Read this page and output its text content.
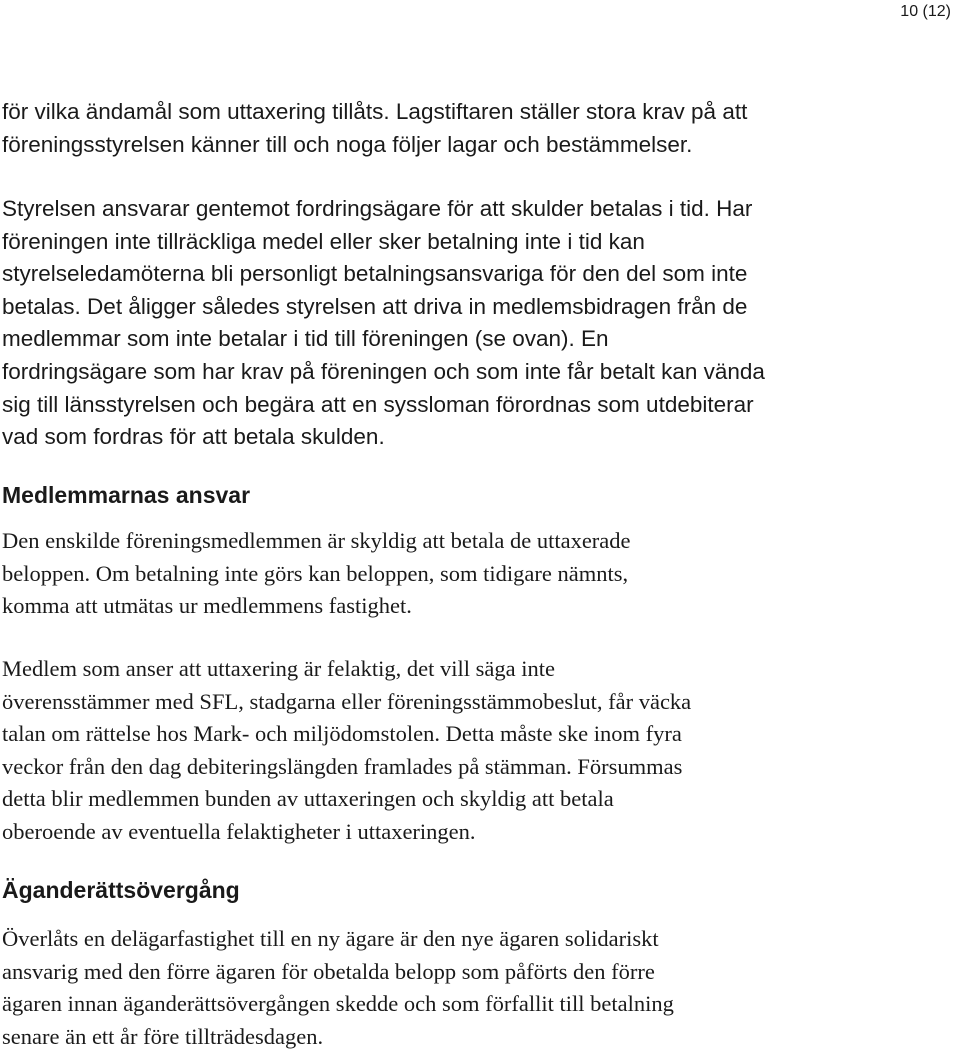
10 (12)
för vilka ändamål som uttaxering tillåts. Lagstiftaren ställer stora krav på att
föreningsstyrelsen känner till och noga följer lagar och bestämmelser.
Styrelsen ansvarar gentemot fordringsägare för att skulder betalas i tid. Har
föreningen inte tillräckliga medel eller sker betalning inte i tid kan
styrelseledamöterna bli personligt betalningsansvariga för den del som inte
betalas. Det åligger således styrelsen att driva in medlemsbidragen från de
medlemmar som inte betalar i tid till föreningen (se ovan). En
fordringsägare som har krav på föreningen och som inte får betalt kan vända
sig till länsstyrelsen och begära att en syssloman förordnas som utdebiterar
vad som fordras för att betala skulden.
Medlemmarnas ansvar
Den enskilde föreningsmedlemmen är skyldig att betala de uttaxerade
beloppen. Om betalning inte görs kan beloppen, som tidigare nämnts,
komma att utmätas ur medlemmens fastighet.
Medlem som anser att uttaxering är felaktig, det vill säga inte
överensstämmer med SFL, stadgarna eller föreningsstämmobeslut, får väcka
talan om rättelse hos Mark- och miljödomstolen. Detta måste ske inom fyra
veckor från den dag debiteringslängden framlades på stämman. Försummas
detta blir medlemmen bunden av uttaxeringen och skyldig att betala
oberoende av eventuella felaktigheter i uttaxeringen.
Äganderättsövergång
Överlåts en delägarfastighet till en ny ägare är den nye ägaren solidariskt
ansvarig med den förre ägaren för obetalda belopp som påförts den förre
ägaren innan äganderättsövergången skedde och som förfallit till betalning
senare än ett år före tillträdesdagen.
